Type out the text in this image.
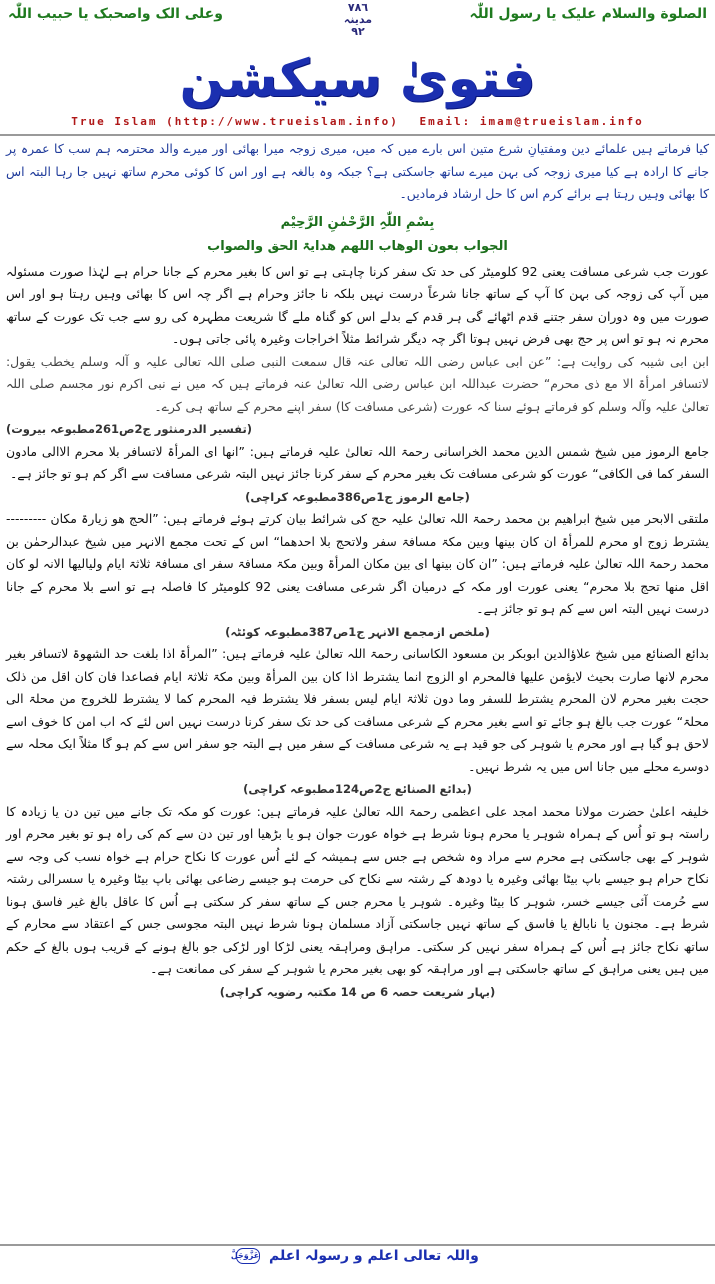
الصلوة والسلام علیک یا رسول اللّٰہ
٧٨٦
مدینہ
٩٢
وعلی الک واصحبک یا حبیب اللّٰہ
فتویٰ سیکشن
True Islam (http://www.trueislam.info) Email: imam@trueislam.info

کیا فرماتے ہیں علمائے دین ومفتیانِ شرع متین اس بارے میں کہ میں، میری زوجہ میرا بھائی اور میرے والد محترمہ ہم سب کا عمرہ پر جانے کا ارادہ ہے کیا میری زوجہ کی بہن میرے ساتھ جاسکتی ہے؟ جبکہ وہ بالغہ ہے اور اس کا کوئی محرم ساتھ نہیں جا رہا البتہ اس کا بھائی وہیں رہتا ہے برائے کرم اس کا حل ارشاد فرمادیں۔

بِسْمِ اللّٰہِ الرَّحْمٰنِ الرَّحِیْم
الجواب بعون الوھاب اللھم ھدایۃ الحق والصواب

عورت جب شرعی مسافت یعنی 92 کلومیٹر کی حد تک سفر کرنا چاہتی ہے تو اس کا بغیر محرم کے جانا حرام ہے لہٰذا صورت مسئولہ میں آپ کی زوجہ کی بہن کا آپ کے ساتھ جانا شرعاً درست نہیں بلکہ نا جائز وحرام ہے اگر چہ اس کا بھائی وہیں رہتا ہو اور اس صورت میں وہ دوران سفر جتنے قدم اٹھائے گی ہر قدم کے بدلے اس کو گناہ ملے گا شریعت مطہرہ کی رو سے جب تک عورت کے ساتھ محرم نہ ہو تو اس پر حج بھی فرض نہیں ہوتا اگر چہ دیگر شرائط مثلاً اخراجات وغیرہ پائی جاتی ہوں۔

ابن ابی شیبہ کی روایت ہے: ”عن ابی عباس رضی اللہ تعالی عنہ قال سمعت النبی صلی اللہ تعالی علیہ و آلہ وسلم یخطب یقول: لاتسافر امرأۃ الا مع ذی محرم“ حضرت عبداللہ ابن عباس رضی اللہ تعالیٰ عنہ فرماتے ہیں کہ میں نے نبی اکرم نور مجسم صلی اللہ تعالیٰ علیہ وآلہ وسلم کو فرماتے ہوئے سنا کہ عورت (شرعی مسافت کا) سفر اپنے محرم کے ساتھ ہی کرے۔

(تفسیر الدرمنثور ج2ص261مطبوعہ بیروت)

جامع الرموز میں شیخ شمس الدین محمد الخراسانی رحمۃ اللہ تعالیٰ علیہ فرماتے ہیں: ”انھا ای المرأۃ لاتسافر بلا محرم الاالی مادون السفر کما فی الکافی“ عورت کو شرعی مسافت تک بغیر محرم کے سفر کرنا جائز نہیں البتہ شرعی مسافت سے اگر کم ہو تو جائز ہے۔

(جامع الرموز ج1ص386مطبوعہ کراچی)

ملتقی الابحر میں شیخ ابراھیم بن محمد رحمۃ اللہ تعالیٰ علیہ حج کی شرائط بیان کرتے ہوئے فرماتے ہیں: ”الحج ھو زیارۃ مکان --------- یشترط زوج او محرم للمرأۃ ان کان بینھا وبین مکۃ مسافۃ سفر ولاتحج بلا احدھما“ اس کے تحت مجمع الانہر میں شیخ عبدالرحمٰن بن محمد رحمۃ اللہ تعالیٰ علیہ فرماتے ہیں: ”ان کان بینھا ای بین مکان المرأۃ وبین مکۃ مسافۃ سفر ای مسافۃ ثلاثۃ ایام ولیالیھا الانہ لو کان اقل منھا تحج بلا محرم“ یعنی عورت اور مکہ کے درمیان اگر شرعی مسافت یعنی 92 کلومیٹر کا فاصلہ ہے تو اسے بلا محرم کے جانا درست نہیں البتہ اس سے کم ہو تو جائز ہے۔

(ملخص ازمجمع الانہر ج1ص387مطبوعہ کوئٹہ)

بدائع الصنائع میں شیخ علاؤالدین ابوبکر بن مسعود الکاسانی رحمۃ اللہ تعالیٰ علیہ فرماتے ہیں: ”المرأۃ اذا بلغت حد الشھوۃ لاتسافر بغیر محرم لانھا صارت بحیث لایؤمن علیھا فالمحرم او الزوج انما یشترط اذا کان بین المرأۃ وبین مکۃ ثلاثۃ ایام فصاعدا فان کان اقل من ذلک حجت بغیر محرم لان المحرم یشترط للسفر وما دون ثلاثۃ ایام لیس بسفر فلا یشترط فیہ المحرم کما لا یشترط للخروج من محلۃ الی محلۃ“ عورت جب بالغ ہو جائے تو اسے بغیر محرم کے شرعی مسافت کی حد تک سفر کرنا درست نہیں اس لئے کہ اب امن کا خوف اسے لاحق ہو گیا ہے اور محرم یا شوہر کی جو قید ہے یہ شرعی مسافت کے سفر میں ہے البتہ جو سفر اس سے کم ہو گا مثلاً ایک محلہ سے دوسرے محلے میں جانا اس میں یہ شرط نہیں۔

(بدائع الصنائع ج2ص124مطبوعہ کراچی)

خلیفہ اعلیٰ حضرت مولانا محمد امجد علی اعظمی رحمۃ اللہ تعالیٰ علیہ فرماتے ہیں: عورت کو مکہ تک جانے میں تین دن یا زیادہ کا راستہ ہو تو اُس کے ہمراہ شوہر یا محرم ہونا شرط ہے خواہ عورت جوان ہو یا بڑھیا اور تین دن سے کم کی راہ ہو تو بغیر محرم اور شوہر کے بھی جاسکتی ہے محرم سے مراد وہ شخص ہے جس سے ہمیشہ کے لئے اُس عورت کا نکاح حرام ہے خواہ نسب کی وجہ سے نکاح حرام ہو جیسے باپ بیٹا بھائی وغیرہ یا دودھ کے رشتہ سے نکاح کی حرمت ہو جیسے رضاعی بھائی باپ بیٹا وغیرہ یا سسرالی رشتہ سے حُرمت آئی جیسے خسر، شوہر کا بیٹا وغیرہ۔ شوہر یا محرم جس کے ساتھ سفر کر سکتی ہے اُس کا عاقل بالغ غیر فاسق ہونا شرط ہے۔ مجنون یا نابالغ یا فاسق کے ساتھ نہیں جاسکتی آزاد مسلمان ہونا شرط نہیں البتہ مجوسی جس کے اعتقاد سے محارم کے ساتھ نکاح جائز ہے اُس کے ہمراہ سفر نہیں کر سکتی۔ مراہق ومراہقہ یعنی لڑکا اور لڑکی جو بالغ ہونے کے قریب ہوں بالغ کے حکم میں ہیں یعنی مراہق کے ساتھ جاسکتی ہے اور مراہقہ کو بھی بغیر محرم یا شوہر کے سفر کی ممانعت ہے۔

(بہار شریعت حصہ 6 ص 14 مکتبہ رضویہ کراچی)
واللہ تعالی اعلم و رسولہ اعلم عَزَّوَجَلَّ
